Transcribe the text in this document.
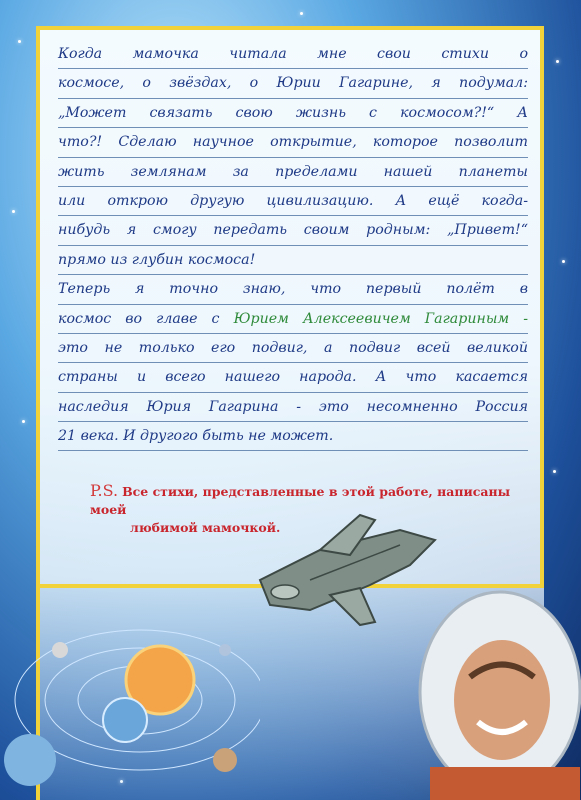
Когда мамочка читала мне свои стихи о
космосе, о звёздах, о Юрии Гагарине, я подумал:
„Может связать свою жизнь с космосом?!“ А
что?! Сделаю научное открытие, которое позволит
жить землянам за пределами нашей планеты
или открою другую цивилизацию. А ещё когда-
нибудь я смогу передать своим родным: „Привет!“
прямо из глубин космоса!
Теперь я точно знаю, что первый полёт в
космос во главе с Юрием Алексеевичем Гагариным -
это не только его подвиг, а подвиг всей великой
страны и всего нашего народа. А что касается
наследия Юрия Гагарина - это несомненно Россия
21 века. И другого быть не может.
P.S. Все стихи, представленные в этой работе, написаны моей
любимой мамочкой.
